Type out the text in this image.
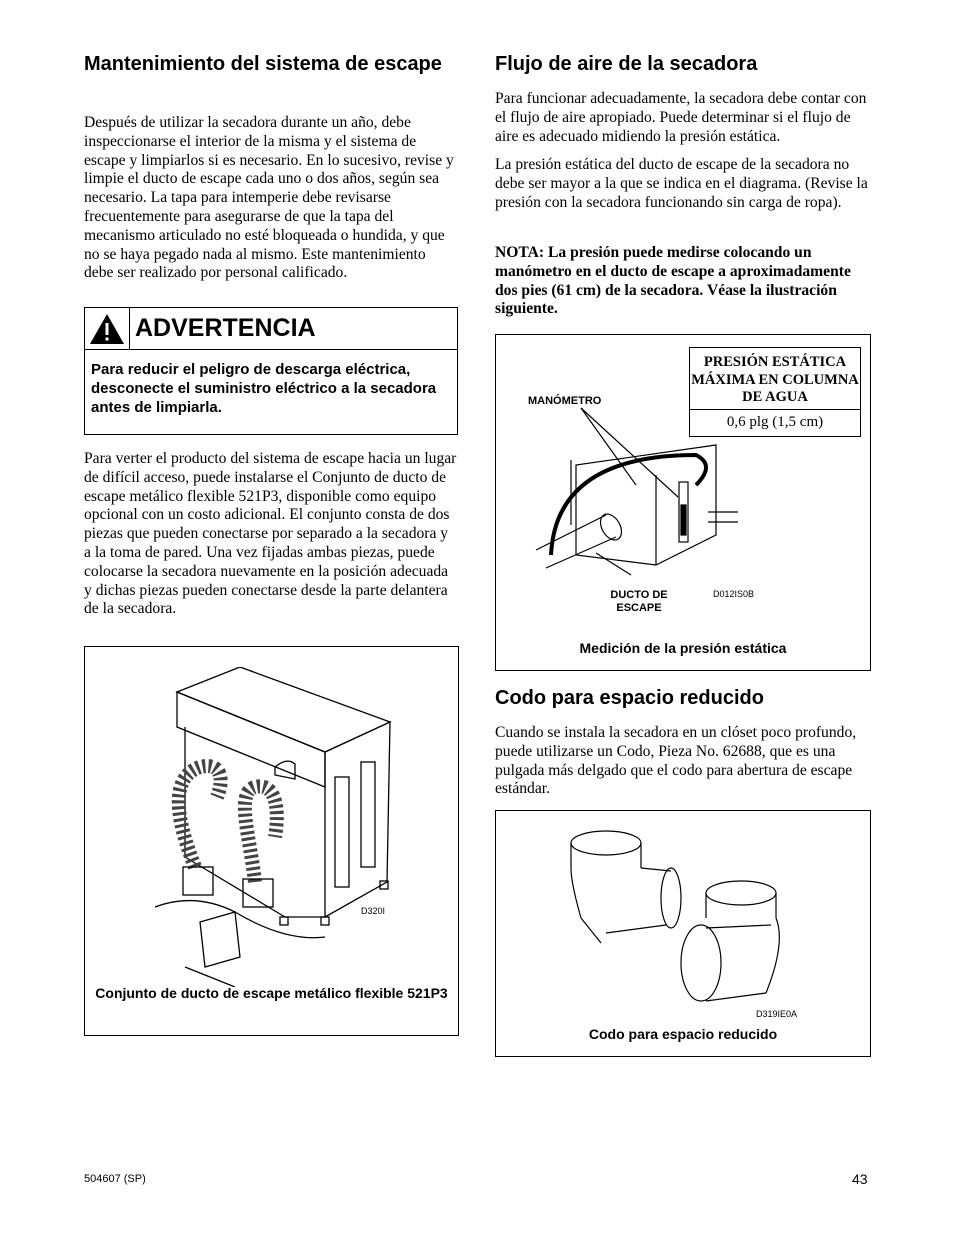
Mantenimiento del sistema de escape

Después de utilizar la secadora durante un año, debe inspeccionarse el interior de la misma y el sistema de escape y limpiarlos si es necesario. En lo sucesivo, revise y limpie el ducto de escape cada uno o dos años, según sea necesario. La tapa para intemperie debe revisarse frecuentemente para asegurarse de que la tapa del mecanismo articulado no esté bloqueada o hundida, y que no se haya pegado nada al mismo. Este mantenimiento debe ser realizado por personal calificado.

ADVERTENCIA
Para reducir el peligro de descarga eléctrica, desconecte el suministro eléctrico a la secadora antes de limpiarla.

Para verter el producto del sistema de escape hacia un lugar de difícil acceso, puede instalarse el Conjunto de ducto de escape metálico flexible 521P3, disponible como equipo opcional con un costo adicional. El conjunto consta de dos piezas que pueden conectarse por separado a la secadora y a la toma de pared. Una vez fijadas ambas piezas, puede colocarse la secadora nuevamente en la posición adecuada y dichas piezas pueden conectarse desde la parte delantera de la secadora.

D320I
Conjunto de ducto de escape metálico flexible 521P3
Flujo de aire de la secadora

Para funcionar adecuadamente, la secadora debe contar con el flujo de aire apropiado. Puede determinar si el flujo de aire es adecuado midiendo la presión estática.

La presión estática del ducto de escape de la secadora no debe ser mayor a la que se indica en el diagrama. (Revise la presión con la secadora funcionando sin carga de ropa).

NOTA: La presión puede medirse colocando un manómetro en el ducto de escape a aproximadamente dos pies (61 cm) de la secadora. Véase la ilustración siguiente.

PRESIÓN ESTÁTICA MÁXIMA EN COLUMNA DE AGUA
0,6 plg (1,5 cm)
MANÓMETRO
DUCTO DE ESCAPE
D012IS0B
Medición de la presión estática
Codo para espacio reducido

Cuando se instala la secadora en un clóset poco profundo, puede utilizarse un Codo, Pieza No. 62688, que es una pulgada más delgado que el codo para abertura de escape estándar.

D319IE0A
Codo para espacio reducido
504607 (SP)	43
